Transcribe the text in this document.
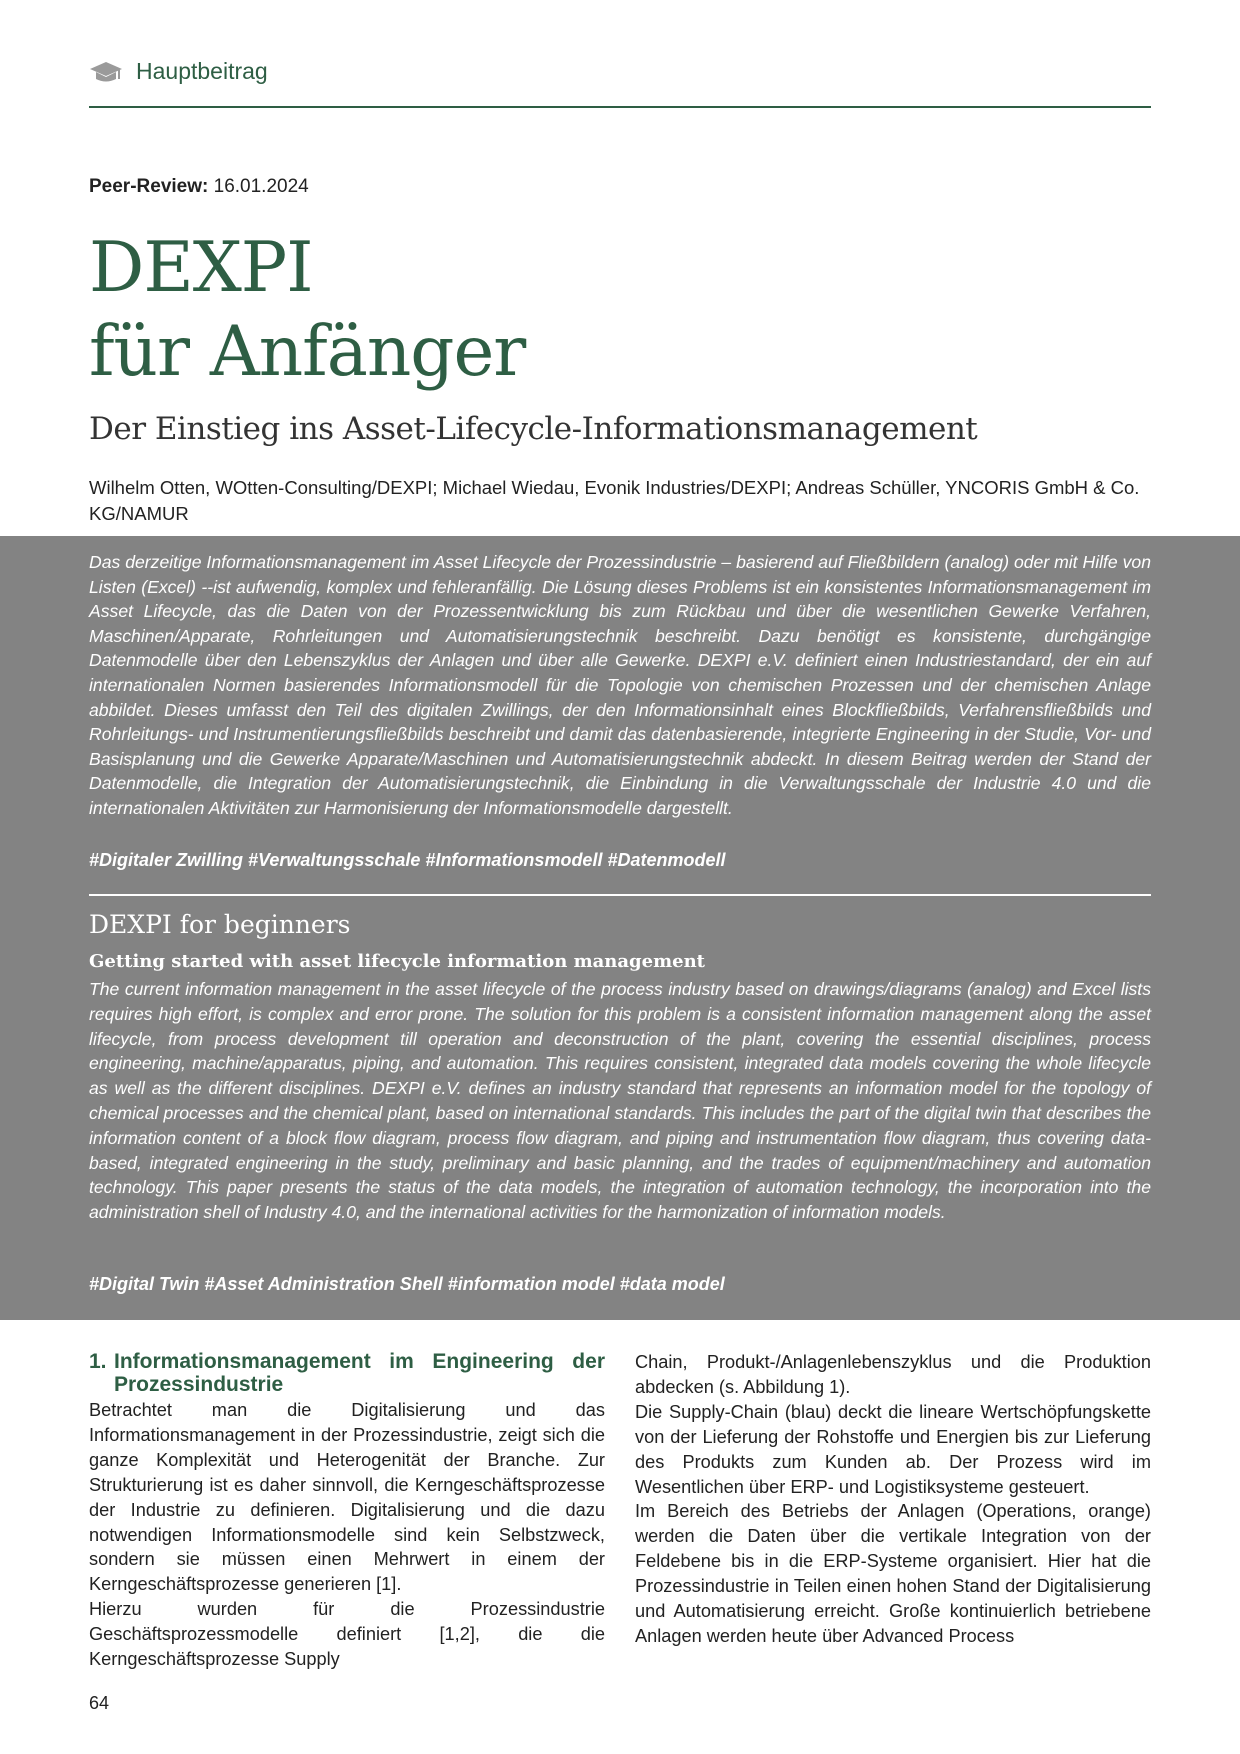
Hauptbeitrag
Peer-Review: 16.01.2024
DEXPI
für Anfänger
Der Einstieg ins Asset-Lifecycle-Informationsmanagement
Wilhelm Otten, WOtten-Consulting/DEXPI; Michael Wiedau, Evonik Industries/DEXPI; Andreas Schüller, YNCORIS GmbH & Co. KG/NAMUR
Das derzeitige Informationsmanagement im Asset Lifecycle der Prozessindustrie – basierend auf Fließbildern (analog) oder mit Hilfe von Listen (Excel) --ist aufwendig, komplex und fehleranfällig. Die Lösung dieses Problems ist ein konsistentes Informationsmanagement im Asset Lifecycle, das die Daten von der Prozessentwicklung bis zum Rückbau und über die wesentlichen Gewerke Verfahren, Maschinen/Apparate, Rohrleitungen und Automatisierungstechnik beschreibt. Dazu benötigt es konsistente, durchgängige Datenmodelle über den Lebenszyklus der Anlagen und über alle Gewerke. DEXPI e.V. definiert einen Industriestandard, der ein auf internationalen Normen basierendes Informationsmodell für die Topologie von chemischen Prozessen und der chemischen Anlage abbildet. Dieses umfasst den Teil des digitalen Zwillings, der den Informationsinhalt eines Blockfließbilds, Verfahrensfließbilds und Rohrleitungs- und Instrumentierungsfließbilds beschreibt und damit das datenbasierende, integrierte Engineering in der Studie, Vor- und Basisplanung und die Gewerke Apparate/Maschinen und Automatisierungstechnik abdeckt. In diesem Beitrag werden der Stand der Datenmodelle, die Integration der Automatisierungstechnik, die Einbindung in die Verwaltungsschale der Industrie 4.0 und die internationalen Aktivitäten zur Harmonisierung der Informationsmodelle dargestellt.
#Digitaler Zwilling #Verwaltungsschale #Informationsmodell #Datenmodell
DEXPI for beginners
Getting started with asset lifecycle information management
The current information management in the asset lifecycle of the process industry based on drawings/diagrams (analog) and Excel lists requires high effort, is complex and error prone. The solution for this problem is a consistent information management along the asset lifecycle, from process development till operation and deconstruction of the plant, covering the essential disciplines, process engineering, machine/apparatus, piping, and automation. This requires consistent, integrated data models covering the whole lifecycle as well as the different disciplines. DEXPI e.V. defines an industry standard that represents an information model for the topology of chemical processes and the chemical plant, based on international standards. This includes the part of the digital twin that describes the information content of a block flow diagram, process flow diagram, and piping and instrumentation flow diagram, thus covering data-based, integrated engineering in the study, preliminary and basic planning, and the trades of equipment/machinery and automation technology. This paper presents the status of the data models, the integration of automation technology, the incorporation into the administration shell of Industry 4.0, and the international activities for the harmonization of information models.
#Digital Twin #Asset Administration Shell #information model #data model
1. Informationsmanagement im Engineering der Prozessindustrie

Betrachtet man die Digitalisierung und das Informationsmanagement in der Prozessindustrie, zeigt sich die ganze Komplexität und Heterogenität der Branche. Zur Strukturierung ist es daher sinnvoll, die Kerngeschäftsprozesse der Industrie zu definieren. Digitalisierung und die dazu notwendigen Informationsmodelle sind kein Selbstzweck, sondern sie müssen einen Mehrwert in einem der Kerngeschäftsprozesse generieren [1].

Hierzu wurden für die Prozessindustrie Geschäftsprozessmodelle definiert [1,2], die die Kerngeschäftsprozesse Supply

Chain, Produkt-/Anlagenlebenszyklus und die Produktion abdecken (s. Abbildung 1).

Die Supply-Chain (blau) deckt die lineare Wertschöpfungskette von der Lieferung der Rohstoffe und Energien bis zur Lieferung des Produkts zum Kunden ab. Der Prozess wird im Wesentlichen über ERP- und Logistiksysteme gesteuert.

Im Bereich des Betriebs der Anlagen (Operations, orange) werden die Daten über die vertikale Integration von der Feldebene bis in die ERP-Systeme organisiert. Hier hat die Prozessindustrie in Teilen einen hohen Stand der Digitalisierung und Automatisierung erreicht. Große kontinuierlich betriebene Anlagen werden heute über Advanced Process

64
